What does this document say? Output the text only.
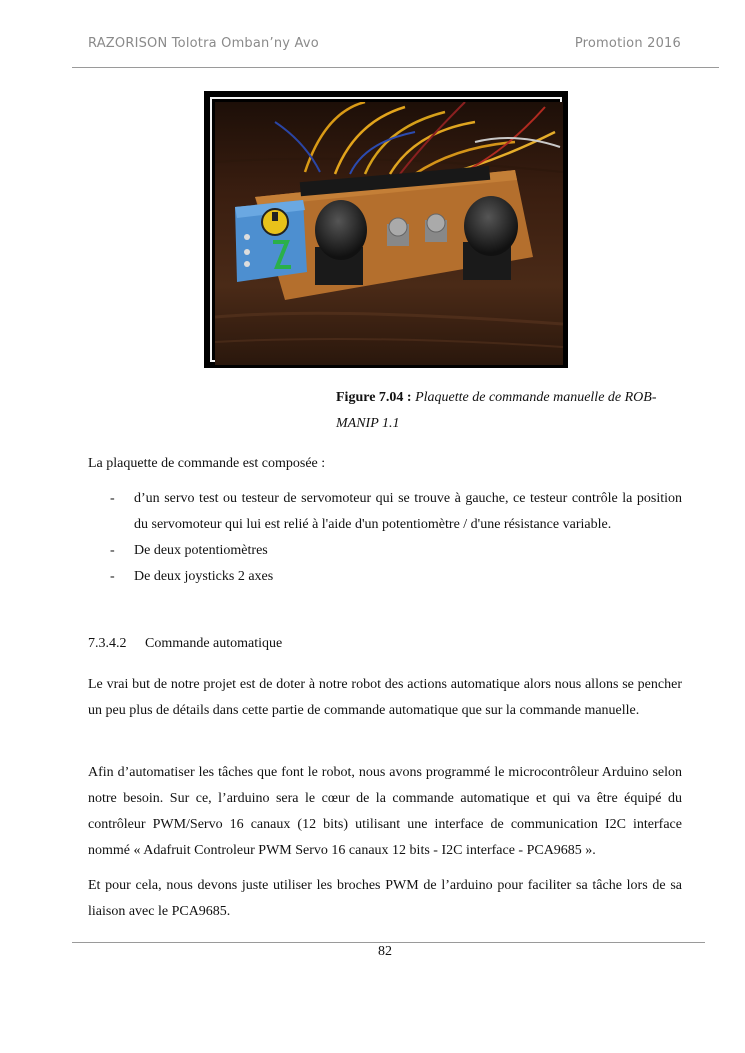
RAZORISON Tolotra Omban’ny Avo	Promotion 2016
Figure 7.04 : Plaquette de commande manuelle de ROB-MANIP 1.1
La plaquette de commande est composée :
- d’un servo test ou testeur de servomoteur qui se trouve à gauche, ce testeur contrôle la position du servomoteur qui lui est relié à l'aide d'un potentiomètre / d'une résistance variable.
- De deux potentiomètres
- De deux joysticks 2 axes
7.3.4.2 Commande automatique
Le vrai but de notre projet est de doter à notre robot des actions automatique alors nous allons se pencher un peu plus de détails dans cette partie de commande automatique que sur la commande manuelle.
Afin d’automatiser les tâches que font le robot, nous avons programmé le microcontrôleur Arduino selon notre besoin. Sur ce, l’arduino sera le cœur de la commande automatique et qui va être équipé du contrôleur PWM/Servo 16 canaux (12 bits) utilisant une interface de communication I2C interface nommé « Adafruit Controleur PWM Servo 16 canaux 12 bits - I2C interface - PCA9685 ».
Et pour cela, nous devons juste utiliser les broches PWM de l’arduino pour faciliter sa tâche lors de sa liaison avec le PCA9685.
82
